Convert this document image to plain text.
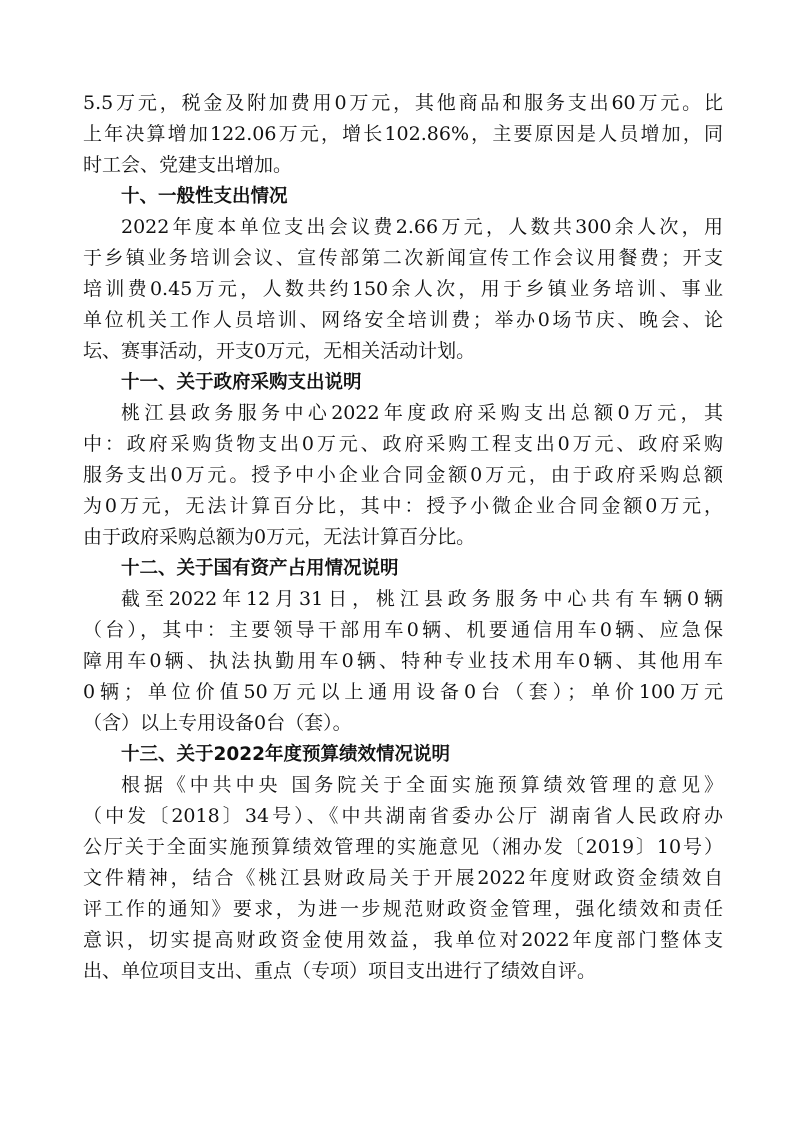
5.5万元，税金及附加费用0万元，其他商品和服务支出60万元。比
上年决算增加122.06万元，增长102.86%，主要原因是人员增加，同
时工会、党建支出增加。
十、一般性支出情况
2022年度本单位支出会议费2.66万元，人数共300余人次，用
于乡镇业务培训会议、宣传部第二次新闻宣传工作会议用餐费；开支
培训费0.45万元，人数共约150余人次，用于乡镇业务培训、事业
单位机关工作人员培训、网络安全培训费；举办0场节庆、晚会、论
坛、赛事活动，开支0万元，无相关活动计划。
十一、关于政府采购支出说明
桃江县政务服务中心2022年度政府采购支出总额0万元，其
中：政府采购货物支出0万元、政府采购工程支出0万元、政府采购
服务支出0万元。授予中小企业合同金额0万元，由于政府采购总额
为0万元，无法计算百分比，其中：授予小微企业合同金额0万元，
由于政府采购总额为0万元，无法计算百分比。
十二、关于国有资产占用情况说明
截至2022年12月31日，桃江县政务服务中心共有车辆0辆
（台），其中：主要领导干部用车0辆、机要通信用车0辆、应急保
障用车0辆、执法执勤用车0辆、特种专业技术用车0辆、其他用车
0辆；单位价值50万元以上通用设备0台（套）；单价100万元
（含）以上专用设备0台（套）。
十三、关于2022年度预算绩效情况说明
根据《中共中央 国务院关于全面实施预算绩效管理的意见》
（中发〔2018〕34号）、《中共湖南省委办公厅 湖南省人民政府办
公厅关于全面实施预算绩效管理的实施意见（湘办发〔2019〕10号）
文件精神，结合《桃江县财政局关于开展2022年度财政资金绩效自
评工作的通知》要求，为进一步规范财政资金管理，强化绩效和责任
意识，切实提高财政资金使用效益，我单位对2022年度部门整体支
出、单位项目支出、重点（专项）项目支出进行了绩效自评。
